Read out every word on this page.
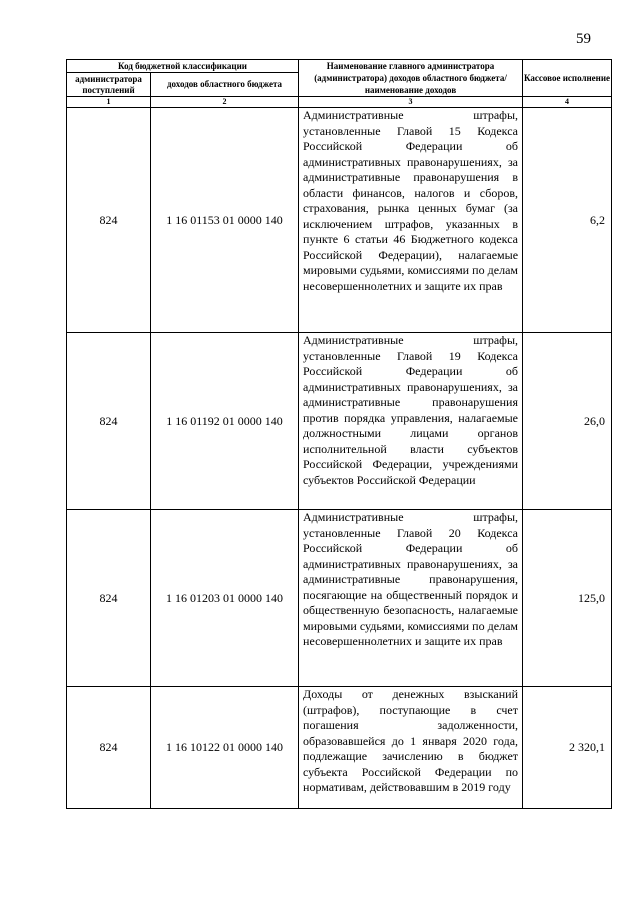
59
Код бюджетной классификации		Наименование главного администратора (администратора) доходов областного бюджета/ наименование доходов	Кассовое исполнение
администратора поступлений	доходов областного бюджета		
1	2	3	4
824	1 16 01153 01 0000 140	Административные штрафы, установленные Главой 15 Кодекса Российской Федерации об административных правонарушениях, за административные правонарушения в области финансов, налогов и сборов, страхования, рынка ценных бумаг (за исключением штрафов, указанных в пункте 6 статьи 46 Бюджетного кодекса Российской Федерации), налагаемые мировыми судьями, комиссиями по делам несовершеннолетних и защите их прав	6,2
824	1 16 01192 01 0000 140	Административные штрафы, установленные Главой 19 Кодекса Российской Федерации об административных правонарушениях, за административные правонарушения против порядка управления, налагаемые должностными лицами органов исполнительной власти субъектов Российской Федерации, учреждениями субъектов Российской Федерации	26,0
824	1 16 01203 01 0000 140	Административные штрафы, установленные Главой 20 Кодекса Российской Федерации об административных правонарушениях, за административные правонарушения, посягающие на общественный порядок и общественную безопасность, налагаемые мировыми судьями, комиссиями по делам несовершеннолетних и защите их прав	125,0
824	1 16 10122 01 0000 140	Доходы от денежных взысканий (штрафов), поступающие в счет погашения задолженности, образовавшейся до 1 января 2020 года, подлежащие зачислению в бюджет субъекта Российской Федерации по нормативам, действовавшим в 2019 году	2 320,1
